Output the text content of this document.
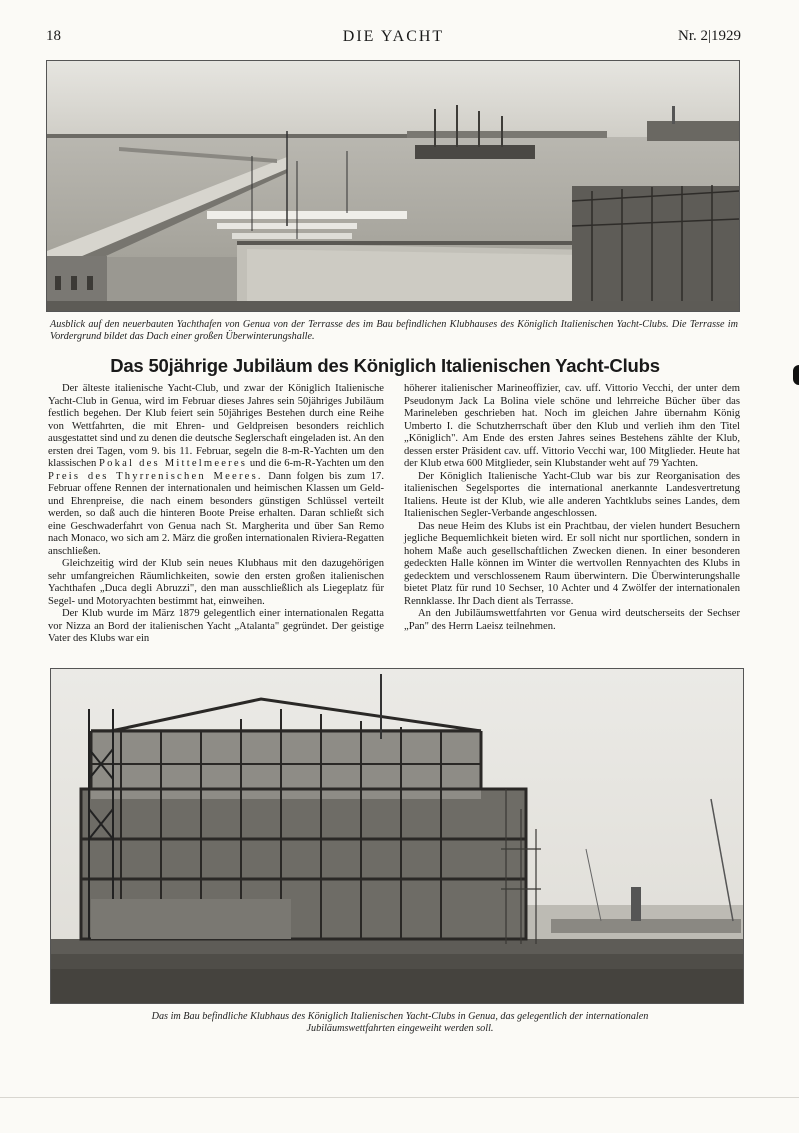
18	DIE YACHT	Nr. 2|1929
Ausblick auf den neuerbauten Yachthafen von Genua von der Terrasse des im Bau befindlichen Klubhauses des Königlich Italienischen Yacht-Clubs. Die Terrasse im Vordergrund bildet das Dach einer großen Überwinterungshalle.
Das 50jährige Jubiläum des Königlich Italienischen Yacht-Clubs

Der älteste italienische Yacht-Club, und zwar der Königlich Italienische Yacht-Club in Genua, wird im Februar dieses Jahres sein 50jähriges Jubiläum festlich begehen. Der Klub feiert sein 50jähriges Bestehen durch eine Reihe von Wettfahrten, die mit Ehren- und Geldpreisen besonders reichlich ausgestattet sind und zu denen die deutsche Seglerschaft eingeladen ist. An den ersten drei Tagen, vom 9. bis 11. Februar, segeln die 8-m-R-Yachten um den klassischen Pokal des Mittelmeeres und die 6-m-R-Yachten um den Preis des Thyrrenischen Meeres. Dann folgen bis zum 17. Februar offene Rennen der internationalen und heimischen Klassen um Geld- und Ehrenpreise, die nach einem besonders günstigen Schlüssel verteilt werden, so daß auch die hinteren Boote Preise erhalten. Daran schließt sich eine Geschwaderfahrt von Genua nach St. Margherita und über San Remo nach Monaco, wo sich am 2. März die großen internationalen Riviera-Regatten anschließen.

Gleichzeitig wird der Klub sein neues Klubhaus mit den dazugehörigen sehr umfangreichen Räumlichkeiten, sowie den ersten großen italienischen Yachthafen „Duca degli Abruzzi", den man ausschließlich als Liegeplatz für Segel- und Motoryachten bestimmt hat, einweihen.

Der Klub wurde im März 1879 gelegentlich einer internationalen Regatta vor Nizza an Bord der italienischen Yacht „Atalanta" gegründet. Der geistige Vater des Klubs war ein

höherer italienischer Marineoffizier, cav. uff. Vittorio Vecchi, der unter dem Pseudonym Jack La Bolina viele schöne und lehrreiche Bücher über das Marineleben geschrieben hat. Noch im gleichen Jahre übernahm König Umberto I. die Schutzherrschaft über den Klub und verlieh ihm den Titel „Königlich". Am Ende des ersten Jahres seines Bestehens zählte der Klub, dessen erster Präsident cav. uff. Vittorio Vecchi war, 100 Mitglieder. Heute hat der Klub etwa 600 Mitglieder, sein Klubstander weht auf 79 Yachten.

Der Königlich Italienische Yacht-Club war bis zur Reorganisation des italienischen Segelsportes die international anerkannte Landesvertretung Italiens. Heute ist der Klub, wie alle anderen Yachtklubs seines Landes, dem Italienischen Segler-Verbande angeschlossen.

Das neue Heim des Klubs ist ein Prachtbau, der vielen hundert Besuchern jegliche Bequemlichkeit bieten wird. Er soll nicht nur sportlichen, sondern in hohem Maße auch gesellschaftlichen Zwecken dienen. In einer besonderen gedeckten Halle können im Winter die wertvollen Rennyachten des Klubs in gedecktem und verschlossenem Raum überwintern. Die Überwinterungshalle bietet Platz für rund 10 Sechser, 10 Achter und 4 Zwölfer der internationalen Rennklasse. Ihr Dach dient als Terrasse.

An den Jubiläumswettfahrten vor Genua wird deutscherseits der Sechser „Pan" des Herrn Laeisz teilnehmen.

Das im Bau befindliche Klubhaus des Königlich Italienischen Yacht-Clubs in Genua, das gelegentlich der internationalen
Jubiläumswettfahrten eingeweiht werden soll.
